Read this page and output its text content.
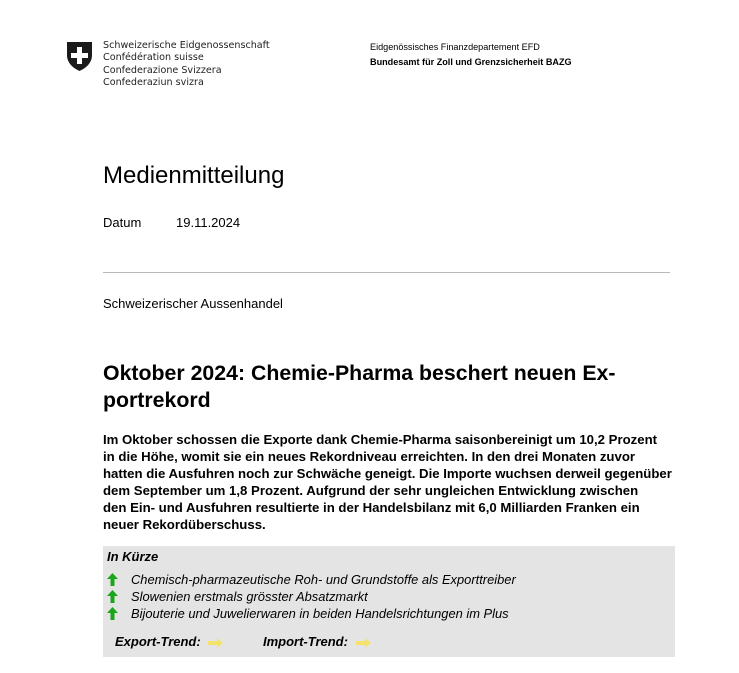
Schweizerische Eidgenossenschaft
Confédération suisse
Confederazione Svizzera
Confederaziun svizra
Eidgenössisches Finanzdepartement EFD
Bundesamt für Zoll und Grenzsicherheit BAZG
Medienmitteilung
Datum	19.11.2024
Schweizerischer Aussenhandel
Oktober 2024: Chemie-Pharma beschert neuen Ex-
portrekord
Im Oktober schossen die Exporte dank Chemie-Pharma saisonbereinigt um 10,2 Prozent
in die Höhe, womit sie ein neues Rekordniveau erreichten. In den drei Monaten zuvor
hatten die Ausfuhren noch zur Schwäche geneigt. Die Importe wuchsen derweil gegenüber
dem September um 1,8 Prozent. Aufgrund der sehr ungleichen Entwicklung zwischen
den Ein- und Ausfuhren resultierte in der Handelsbilanz mit 6,0 Milliarden Franken ein
neuer Rekordüberschuss.
In Kürze
Chemisch-pharmazeutische Roh- und Grundstoffe als Exporttreiber
Slowenien erstmals grösster Absatzmarkt
Bijouterie und Juwelierwaren in beiden Handelsrichtungen im Plus
Export-Trend:	Import-Trend:
